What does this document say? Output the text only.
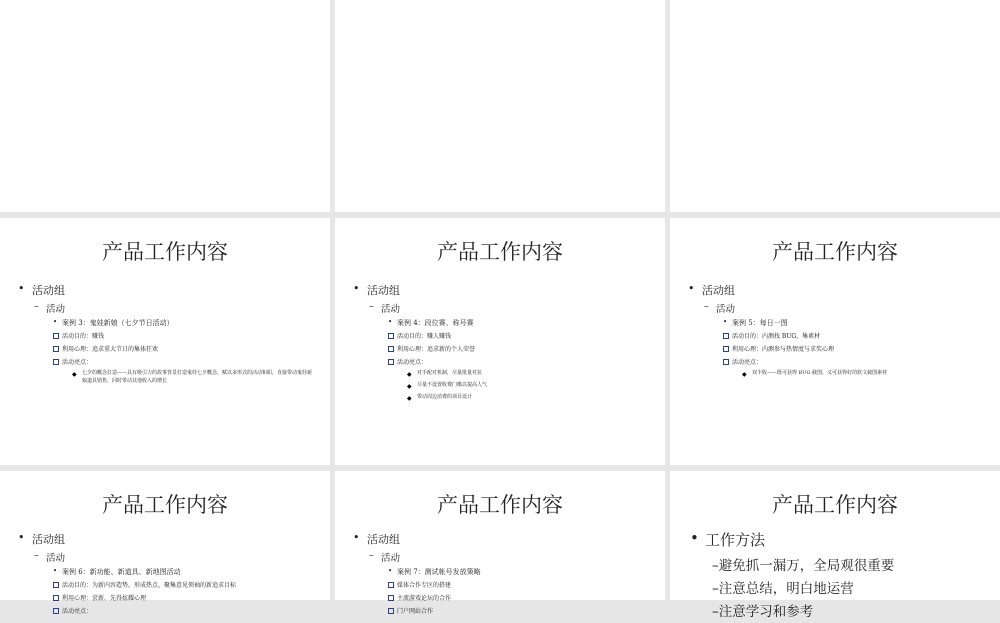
产品工作内容
• 活动组
– 活动
• 案例 3：鬼娃新娘（七夕节日活动）
活动目的：赚钱
利用心理：追求重大节日的集体狂欢
活动亮点：
◆ 七夕的概念打造——具有吸引力的故事背景打造鬼娃七夕概念，赋以多形式的活动和职，直接带动鬼娃新娘道具销售，同时带动其他收入的增长
产品工作内容
• 活动组
– 活动
• 案例 4：段位赛、称号赛
活动目的：赚人赚钱
利用心理：追求新的个人荣誉
活动亮点：
◆ 对手配对机制，尽量批量对抗
◆ 尽量不设置收费门槛以提高人气
◆ 带动周边消费的项目设计
产品工作内容
• 活动组
– 活动
• 案例 5：每日一图
活动目的：内测找 BUG，集素材
利用心理：内测参与热情度与求奖心理
活动亮点：
◆ 双丰收——既可获得 BUG 截图，又可获得好的软文截图素材
产品工作内容
• 活动组
– 活动
• 案例 6：新功能、新道具、新地图活动
活动目的：为新内容造势，形成热点，聚集意见领袖的新追求目标
利用心理：尝新、先得炫耀心理
活动亮点：
产品工作内容
• 活动组
– 活动
• 案例 7：测试帐号发放策略
媒体合作专区的搭建
主流游戏论坛的合作
门户网站合作
产品工作内容
• 工作方法
–避免抓一漏万，全局观很重要
–注意总结，明白地运营
–注意学习和参考
